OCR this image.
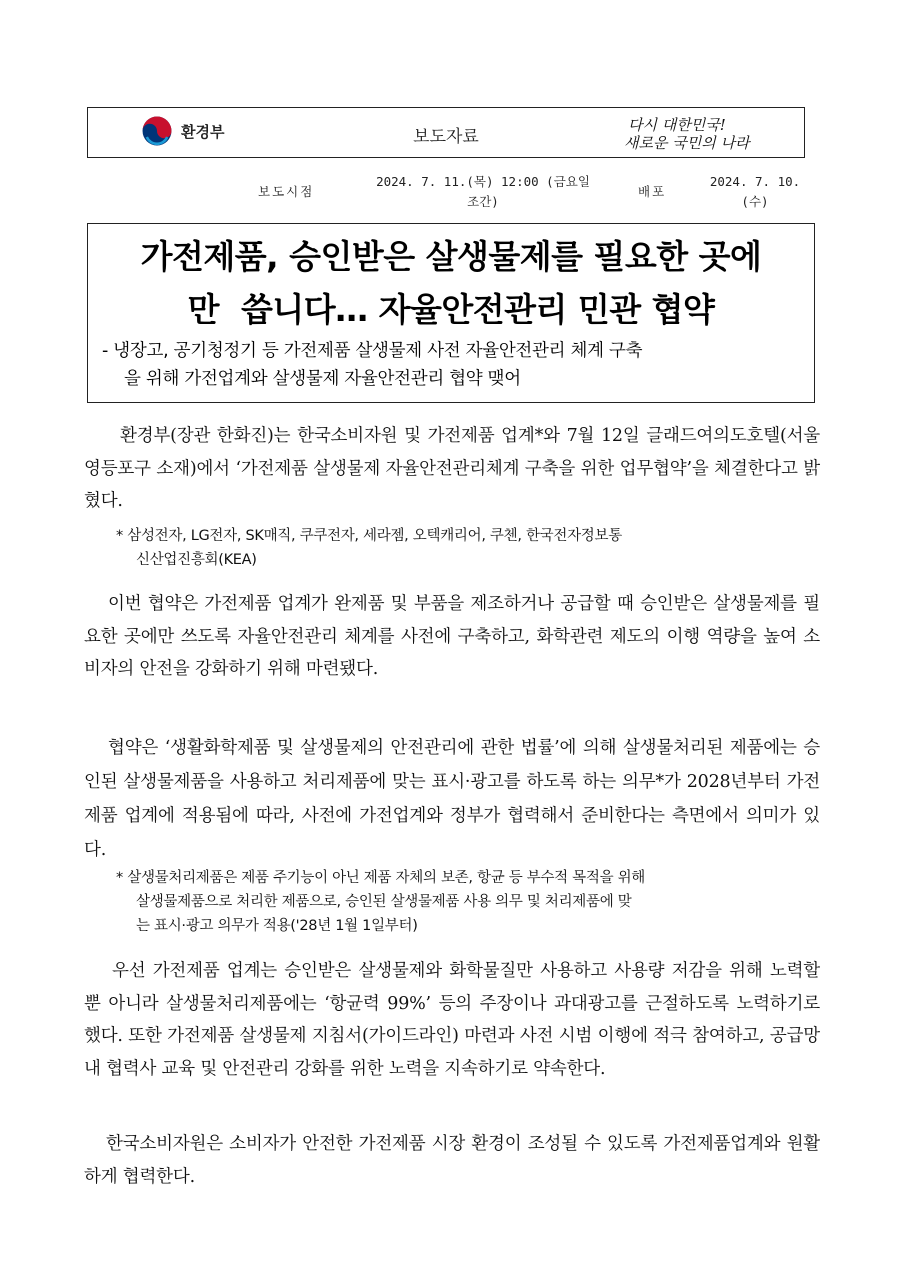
환경부	보도자료
다시 대한민국!
새로운 국민의 나라
보도시점
2024. 7. 11.(목) 12:00 (금요일
조간)
배포
2024. 7. 10.
(수)
가전제품, 승인받은 살생물제를 필요한 곳에
만  씁니다… 자율안전관리 민관 협약
- 냉장고, 공기청정기 등 가전제품 살생물제 사전 자율안전관리 체계 구축
을 위해 가전업계와 살생물제 자율안전관리 협약 맺어

환경부(장관 한화진)는 한국소비자원 및 가전제품 업계*와 7월 12일 글래드여의도호텔(서울 영등포구 소재)에서 ‘가전제품 살생물제 자율안전관리체계 구축을 위한 업무협약’을 체결한다고 밝혔다.

* 삼성전자, LG전자, SK매직, 쿠쿠전자, 세라젬, 오텍캐리어, 쿠첸, 한국전자정보통
신산업진흥회(KEA)

이번 협약은 가전제품 업계가 완제품 및 부품을 제조하거나 공급할 때 승인받은 살생물제를 필요한 곳에만 쓰도록 자율안전관리 체계를 사전에 구축하고, 화학관련 제도의 이행 역량을 높여 소비자의 안전을 강화하기 위해 마련됐다.

협약은 ‘생활화학제품 및 살생물제의 안전관리에 관한 법률’에 의해 살생물처리된 제품에는 승인된 살생물제품을 사용하고 처리제품에 맞는 표시·광고를 하도록 하는 의무*가 2028년부터 가전제품 업계에 적용됨에 따라, 사전에 가전업계와 정부가 협력해서 준비한다는 측면에서 의미가 있다.

* 살생물처리제품은 제품 주기능이 아닌 제품 자체의 보존, 항균 등 부수적 목적을 위해
살생물제품으로 처리한 제품으로, 승인된 살생물제품 사용 의무 및 처리제품에 맞
는 표시·광고 의무가 적용('28년 1월 1일부터)

우선 가전제품 업계는 승인받은 살생물제와 화학물질만 사용하고 사용량 저감을 위해 노력할 뿐 아니라 살생물처리제품에는 ‘항균력 99%’ 등의 주장이나 과대광고를 근절하도록 노력하기로 했다. 또한 가전제품 살생물제 지침서(가이드라인) 마련과 사전 시범 이행에 적극 참여하고, 공급망내 협력사 교육 및 안전관리 강화를 위한 노력을 지속하기로 약속한다.

한국소비자원은 소비자가 안전한 가전제품 시장 환경이 조성될 수 있도록 가전제품업계와 원활하게 협력한다.
